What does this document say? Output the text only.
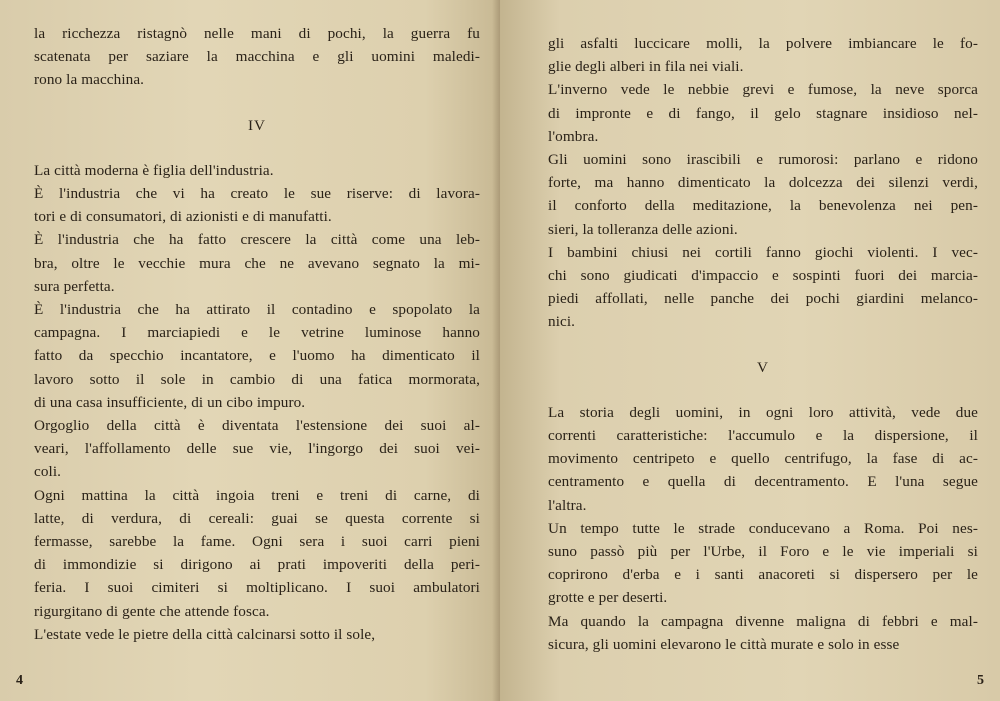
la ricchezza ristagnò nelle mani di pochi, la guerra fu
scatenata per saziare la macchina e gli uomini maledi-
rono la macchina.
IV
La città moderna è figlia dell'industria.
È l'industria che vi ha creato le sue riserve: di lavora-
tori e di consumatori, di azionisti e di manufatti.
È l'industria che ha fatto crescere la città come una leb-
bra, oltre le vecchie mura che ne avevano segnato la mi-
sura perfetta.
È l'industria che ha attirato il contadino e spopolato la
campagna. I marciapiedi e le vetrine luminose hanno
fatto da specchio incantatore, e l'uomo ha dimenticato il
lavoro sotto il sole in cambio di una fatica mormorata,
di una casa insufficiente, di un cibo impuro.
Orgoglio della città è diventata l'estensione dei suoi al-
veari, l'affollamento delle sue vie, l'ingorgo dei suoi vei-
coli.
Ogni mattina la città ingoia treni e treni di carne, di
latte, di verdura, di cereali: guai se questa corrente si
fermasse, sarebbe la fame. Ogni sera i suoi carri pieni
di immondizie si dirigono ai prati impoveriti della peri-
feria. I suoi cimiteri si moltiplicano. I suoi ambulatori
rigurgitano di gente che attende fosca.
L'estate vede le pietre della città calcinarsi sotto il sole,
4
gli asfalti luccicare molli, la polvere imbiancare le fo-
glie degli alberi in fila nei viali.
L'inverno vede le nebbie grevi e fumose, la neve sporca
di impronte e di fango, il gelo stagnare insidioso nel-
l'ombra.
Gli uomini sono irascibili e rumorosi: parlano e ridono
forte, ma hanno dimenticato la dolcezza dei silenzi verdi,
il conforto della meditazione, la benevolenza nei pen-
sieri, la tolleranza delle azioni.
I bambini chiusi nei cortili fanno giochi violenti. I vec-
chi sono giudicati d'impaccio e sospinti fuori dei marcia-
piedi affollati, nelle panche dei pochi giardini melanco-
nici.
V
La storia degli uomini, in ogni loro attività, vede due
correnti caratteristiche: l'accumulo e la dispersione, il
movimento centripeto e quello centrifugo, la fase di ac-
centramento e quella di decentramento. E l'una segue
l'altra.
Un tempo tutte le strade conducevano a Roma. Poi nes-
suno passò più per l'Urbe, il Foro e le vie imperiali si
coprirono d'erba e i santi anacoreti si dispersero per le
grotte e per deserti.
Ma quando la campagna divenne maligna di febbri e mal-
sicura, gli uomini elevarono le città murate e solo in esse
5
